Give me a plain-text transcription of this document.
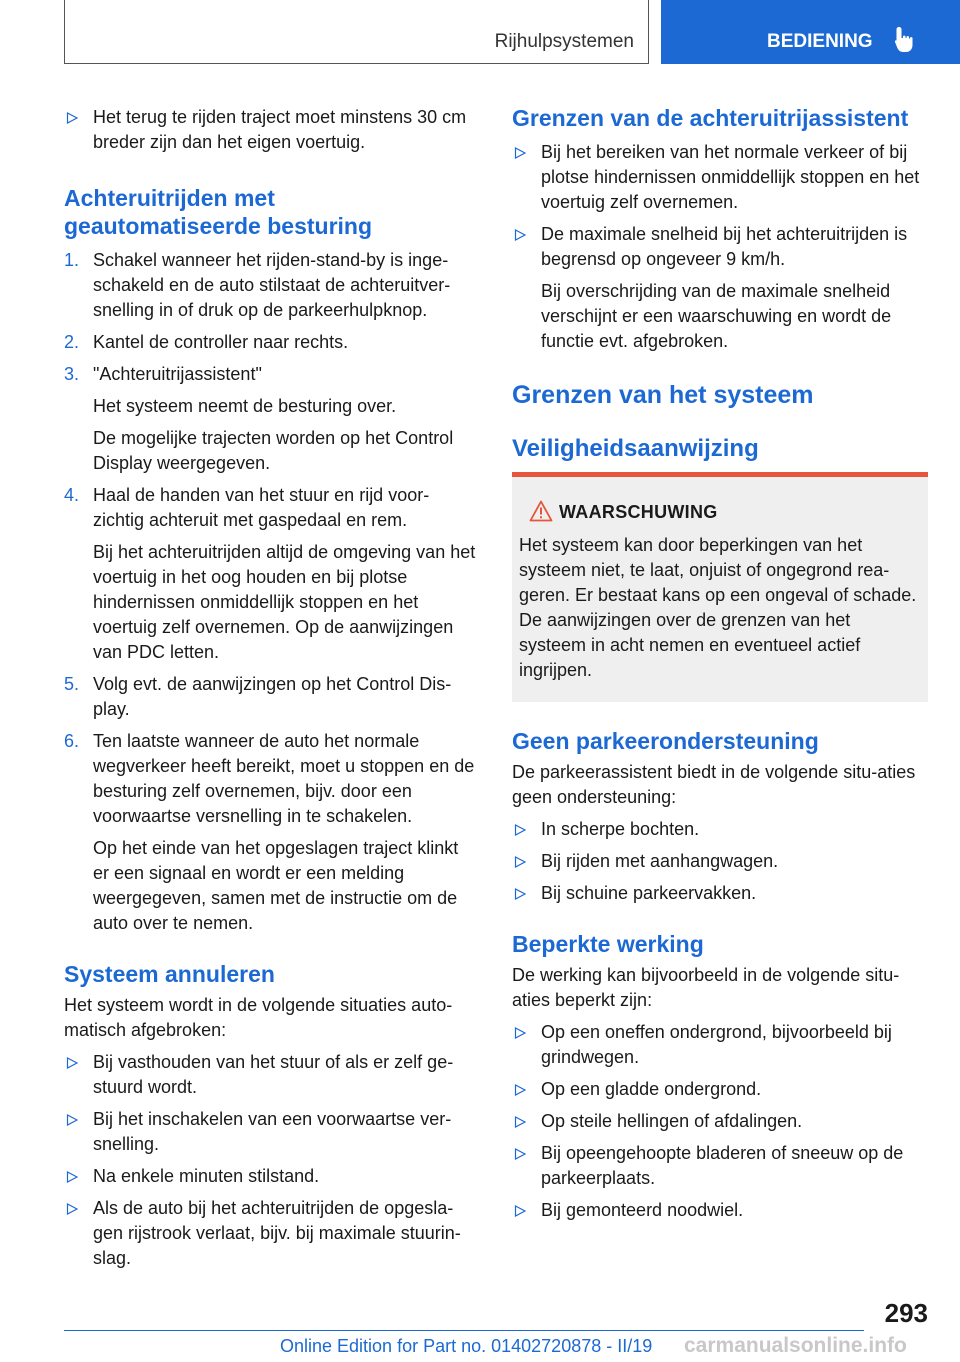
Rijhulpsystemen	BEDIENING
Het terug te rijden traject moet minstens 30 cm breder zijn dan het eigen voertuig.
Achteruitrijden met
geautomatiseerde besturing
1. Schakel wanneer het rijden-stand-by is inge-schakeld en de auto stilstaat de achteruitver-snelling in of druk op de parkeerhulpknop.
2. Kantel de controller naar rechts.
3. "Achteruitrijassistent"

Het systeem neemt de besturing over.

De mogelijke trajecten worden op het Control Display weergegeven.

4. Haal de handen van het stuur en rijd voor-zichtig achteruit met gaspedaal en rem.

Bij het achteruitrijden altijd de omgeving van het voertuig in het oog houden en bij plotse hindernissen onmiddellijk stoppen en het voertuig zelf overnemen. Op de aanwijzingen van PDC letten.

5. Volg evt. de aanwijzingen op het Control Dis-play.
6. Ten laatste wanneer de auto het normale wegverkeer heeft bereikt, moet u stoppen en de besturing zelf overnemen, bijv. door een voorwaartse versnelling in te schakelen.

Op het einde van het opgeslagen traject klinkt er een signaal en wordt er een melding weergegeven, samen met de instructie om de auto over te nemen.

Systeem annuleren

Het systeem wordt in de volgende situaties auto-matisch afgebroken:

Bij vasthouden van het stuur of als er zelf ge-stuurd wordt.
Bij het inschakelen van een voorwaartse ver-snelling.
Na enkele minuten stilstand.
Als de auto bij het achteruitrijden de opgesla-gen rijstrook verlaat, bijv. bij maximale stuurin-slag.
Grenzen van de achteruitrijassistent
Bij het bereiken van het normale verkeer of bij plotse hindernissen onmiddellijk stoppen en het voertuig zelf overnemen.
De maximale snelheid bij het achteruitrijden is begrensd op ongeveer 9 km/h.

Bij overschrijding van de maximale snelheid verschijnt er een waarschuwing en wordt de functie evt. afgebroken.

Grenzen van het systeem
Veiligheidsaanwijzing
WAARSCHUWING

Het systeem kan door beperkingen van het systeem niet, te laat, onjuist of ongegrond rea-geren. Er bestaat kans op een ongeval of schade. De aanwijzingen over de grenzen van het systeem in acht nemen en eventueel actief ingrijpen.

Geen parkeerondersteuning

De parkeerassistent biedt in de volgende situ-aties geen ondersteuning:

In scherpe bochten.
Bij rijden met aanhangwagen.
Bij schuine parkeervakken.
Beperkte werking

De werking kan bijvoorbeeld in de volgende situ-aties beperkt zijn:

Op een oneffen ondergrond, bijvoorbeeld bij grindwegen.
Op een gladde ondergrond.
Op steile hellingen of afdalingen.
Bij opeengehoopte bladeren of sneeuw op de parkeerplaats.
Bij gemonteerd noodwiel.
293
Online Edition for Part no. 01402720878 - II/19 carmanualsonline.info
